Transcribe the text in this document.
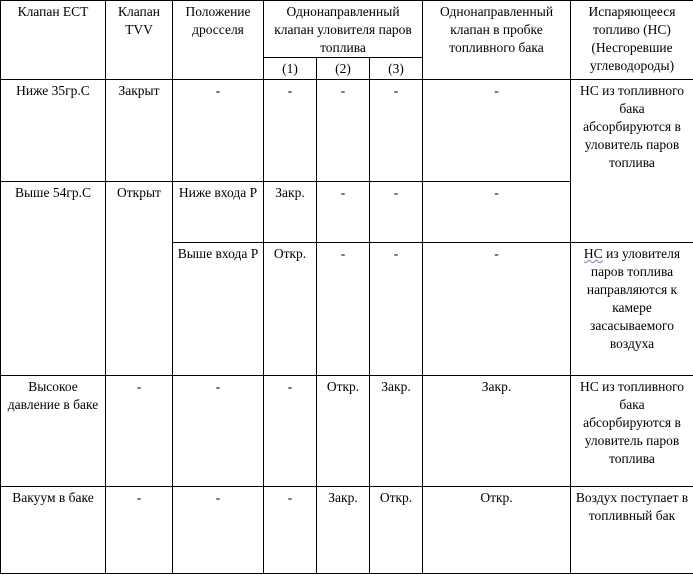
Клапан ECT	Клапан TVV	Положение дросселя	Однонаправленный клапан уловителя паров топлива			Однонаправленный клапан в пробке топливного бака	Испаряющееся топливо (НС) (Несгоревшие углеводороды)
			(1)	(2)	(3)		
Ниже 35гр.С	Закрыт	-	-	-	-	-	НС из топливного бака абсорбируются в уловитель паров топлива
Выше 54гр.С	Открыт	Ниже входа P	Закр.	-	-	-	
		Выше входа P	Откр.	-	-	-	НС из уловителя паров топлива направляются к камере засасываемого воздуха
Высокое давление в баке	-	-	-	Откр.	Закр.	Закр.	НС из топливного бака абсорбируются в уловитель паров топлива
Вакуум в баке	-	-	-	Закр.	Откр.	Откр.	Воздух поступает в топливный бак
